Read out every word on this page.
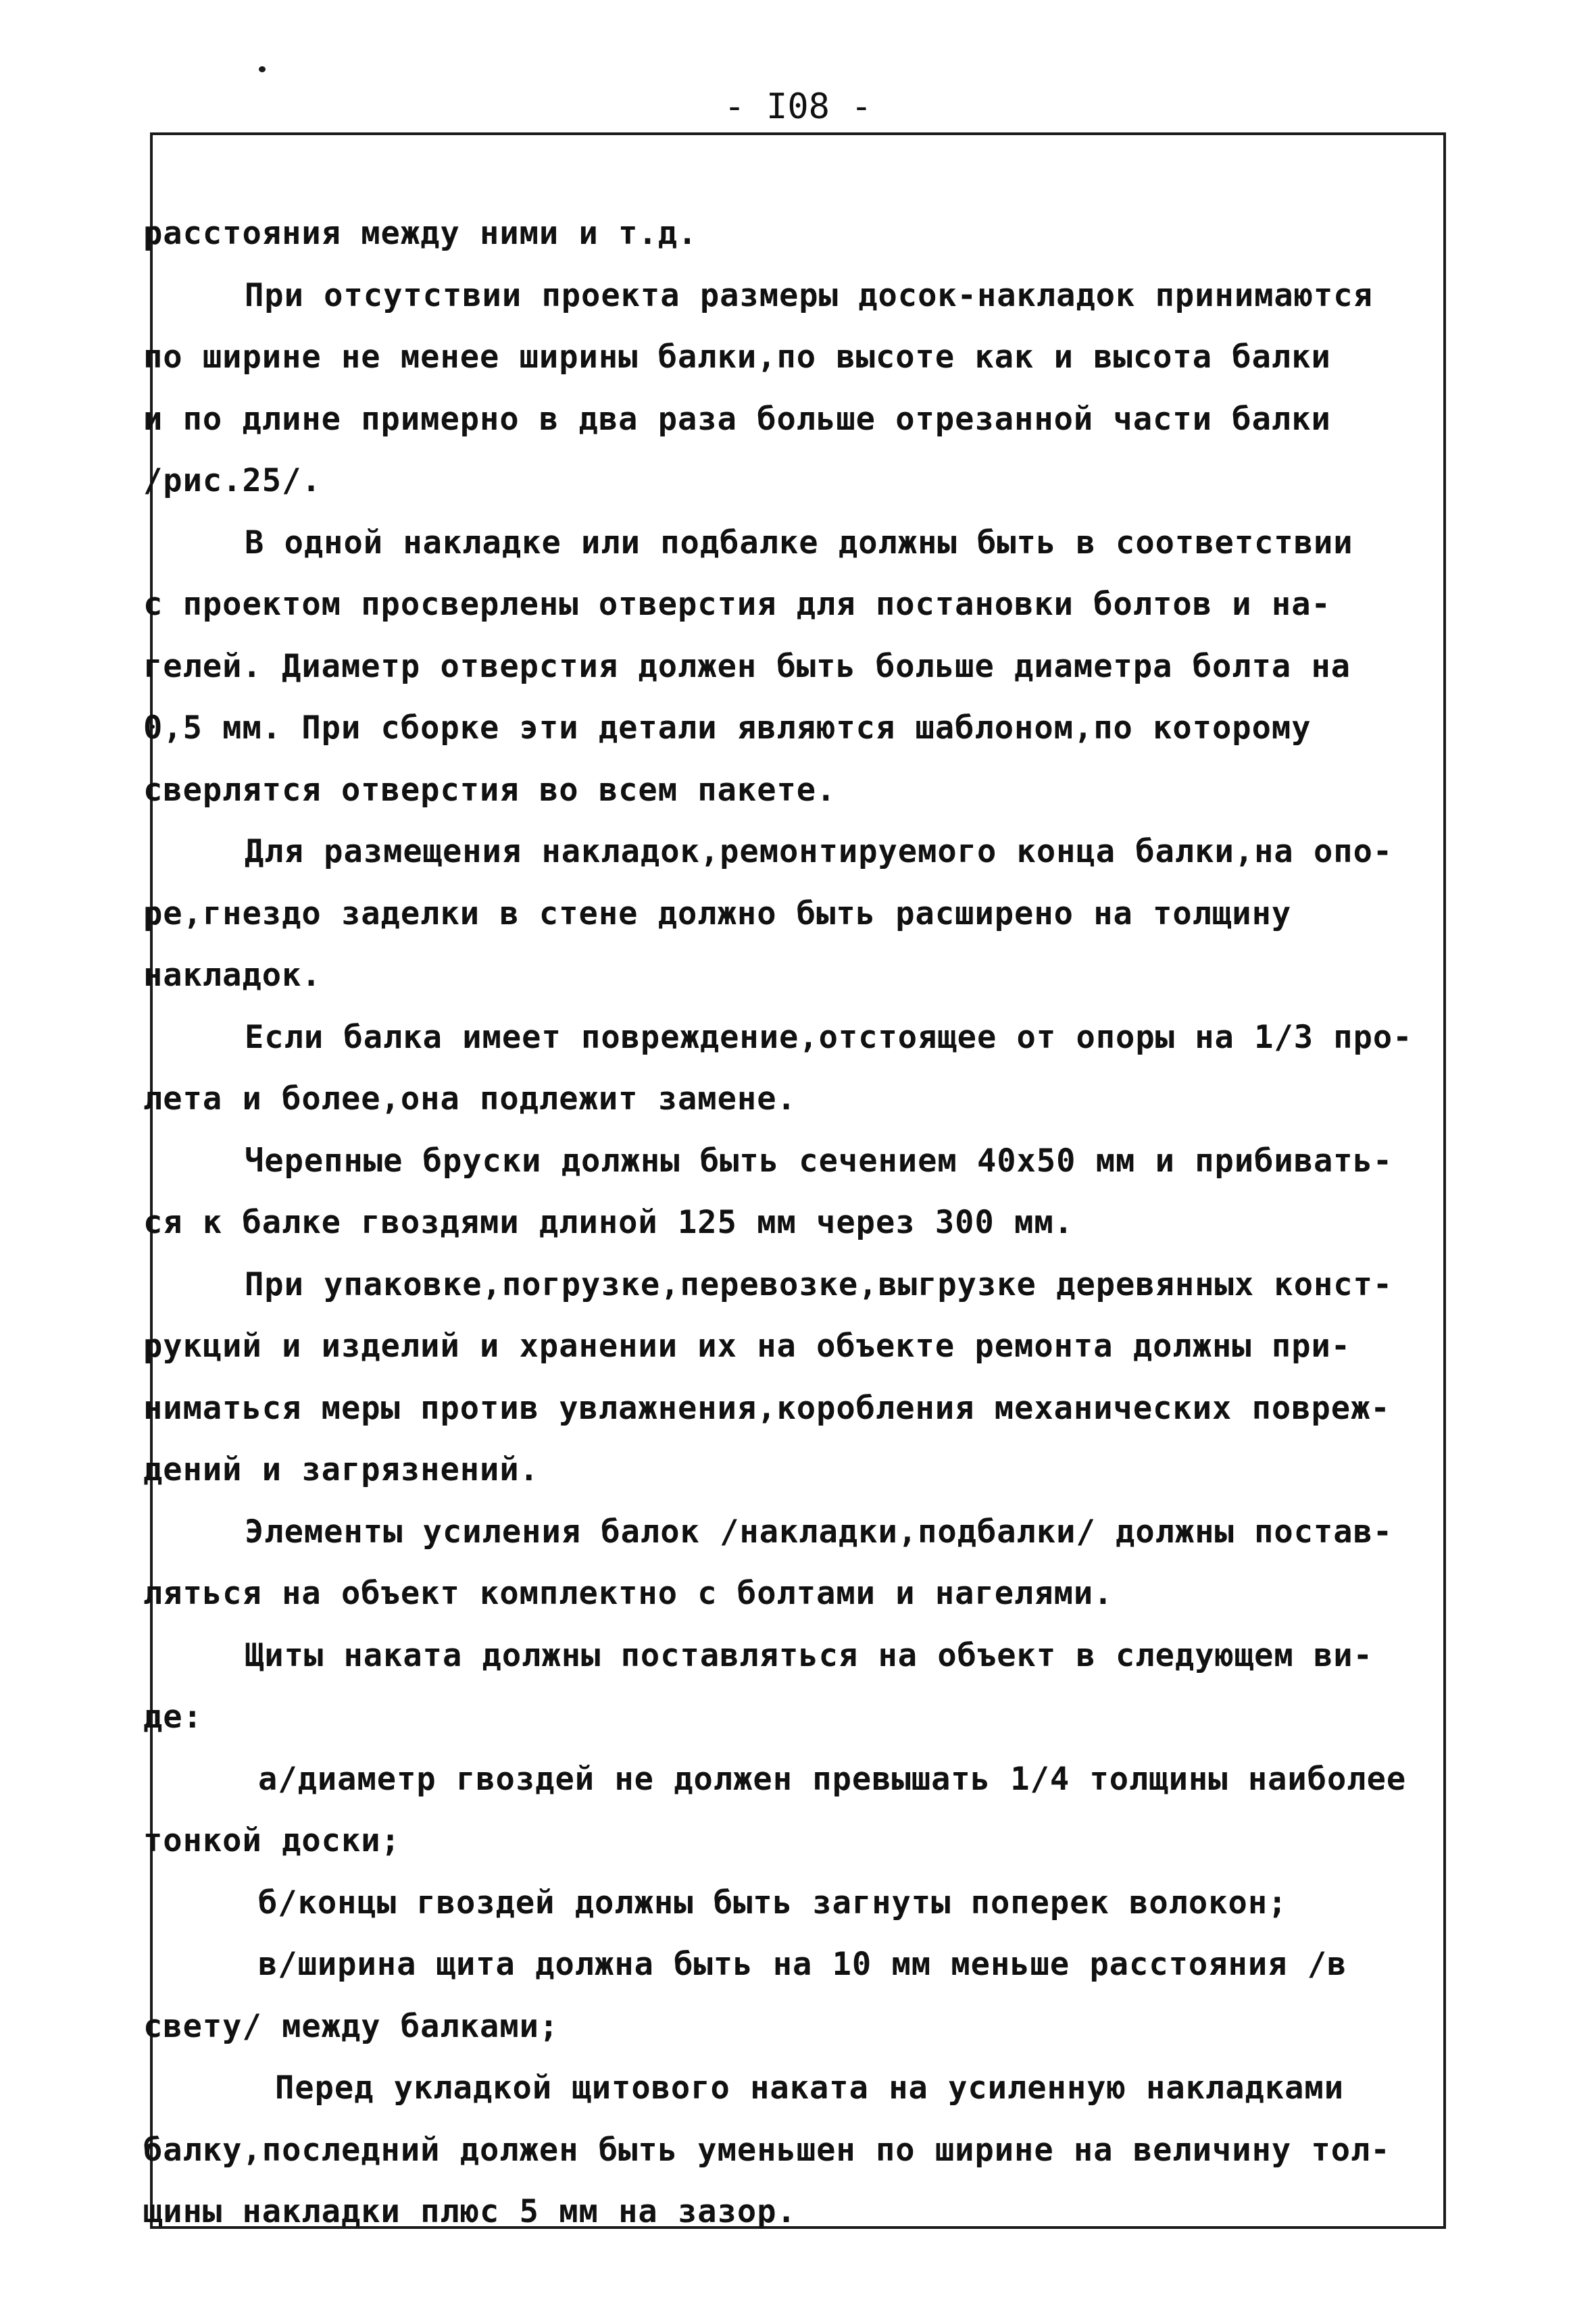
- I08 -
расстояния между ними и т.д.
При отсутствии проекта размеры досок-накладок принимаются
по ширине не менее ширины балки,по высоте как и высота балки
и по длине примерно в два раза больше отрезанной части балки
/рис.25/.
В одной накладке или подбалке должны быть в соответствии
с проектом просверлены отверстия для постановки болтов и на-
гелей. Диаметр отверстия должен быть больше диаметра болта на
0,5 мм. При сборке эти детали являются шаблоном,по которому
сверлятся отверстия во всем пакете.
Для размещения накладок,ремонтируемого конца балки,на опо-
ре,гнездо заделки в стене должно быть расширено на толщину
накладок.
Если балка имеет повреждение,отстоящее от опоры на 1/3 про-
лета и более,она подлежит замене.
Черепные бруски должны быть сечением 40х50 мм и прибивать-
ся к балке гвоздями длиной 125 мм через 300 мм.
При упаковке,погрузке,перевозке,выгрузке деревянных конст-
рукций и изделий и хранении их на объекте ремонта должны при-
ниматься меры против увлажнения,коробления механических повреж-
дений и загрязнений.
Элементы усиления балок /накладки,подбалки/ должны постав-
ляться на объект комплектно с болтами и нагелями.
Щиты наката должны поставляться на объект в следующем ви-
де:
а/диаметр гвоздей не должен превышать 1/4 толщины наиболее
тонкой доски;
б/концы гвоздей должны быть загнуты поперек волокон;
в/ширина щита должна быть на 10 мм меньше расстояния /в
свету/ между балками;
Перед укладкой щитового наката на усиленную накладками
балку,последний должен быть уменьшен по ширине на величину тол-
щины накладки плюс 5 мм на зазор.
